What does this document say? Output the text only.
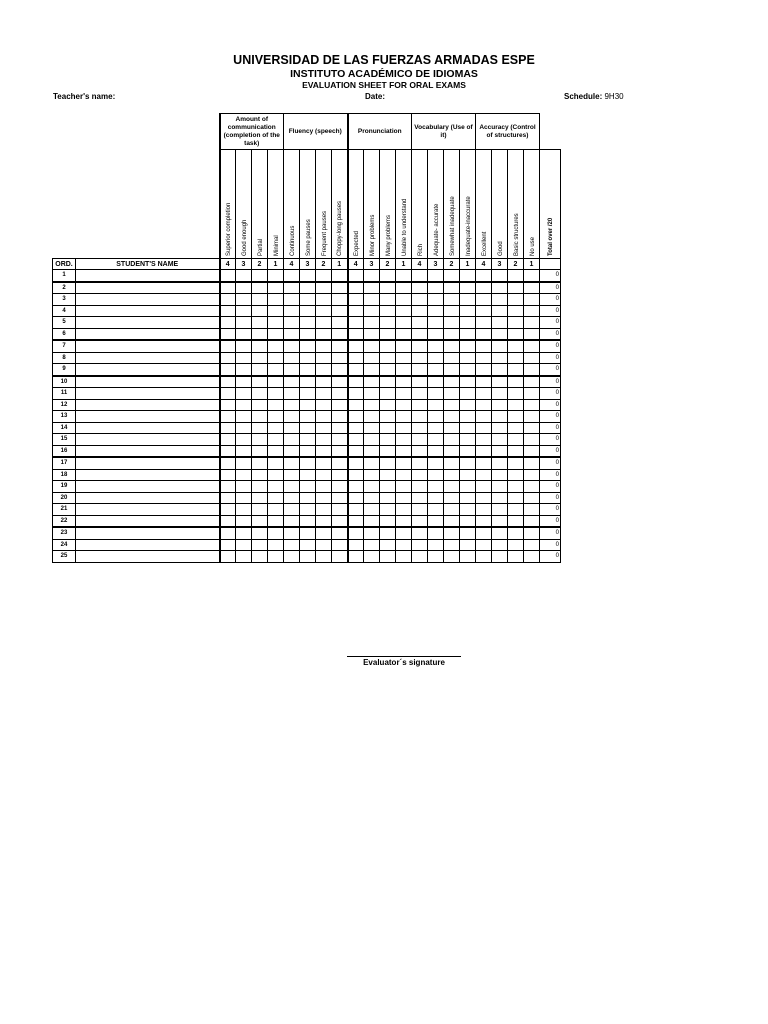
UNIVERSIDAD DE LAS FUERZAS ARMADAS ESPE
INSTITUTO ACADÉMICO DE IDIOMAS
EVALUATION SHEET FOR ORAL EXAMS
Teacher's name:	Date:	Schedule: 9H30
		Amount of communication (completion of the task)				Fluency (speech)				Pronunciation				Vocabulary (Use of it)				Accuracy (Control of structures)				

		Superior completion	Good enough	Partial	Minimal	Continuous	Some pauses	Frequent pauses	Choppy-long pauses	Expected	Minor problems	Many problems	Unable to understand	Rich	Adequate- accurate	Somewhat inadequate	Inadequate-inaccurate	Excellent	Good	Basic structures	No use	Total over /20

ORD.	STUDENT'S NAME	4	3	2	1	4	3	2	1	4	3	2	1	4	3	2	1	4	3	2	1	
1																						0
2																						0
3																						0
4																						0
5																						0
6																						0
7																						0
8																						0
9																						0
10																						0
11																						0
12																						0
13																						0
14																						0
15																						0
16																						0
17																						0
18																						0
19																						0
20																						0
21																						0
22																						0
23																						0
24																						0
25																						0
Evaluator´s signature
